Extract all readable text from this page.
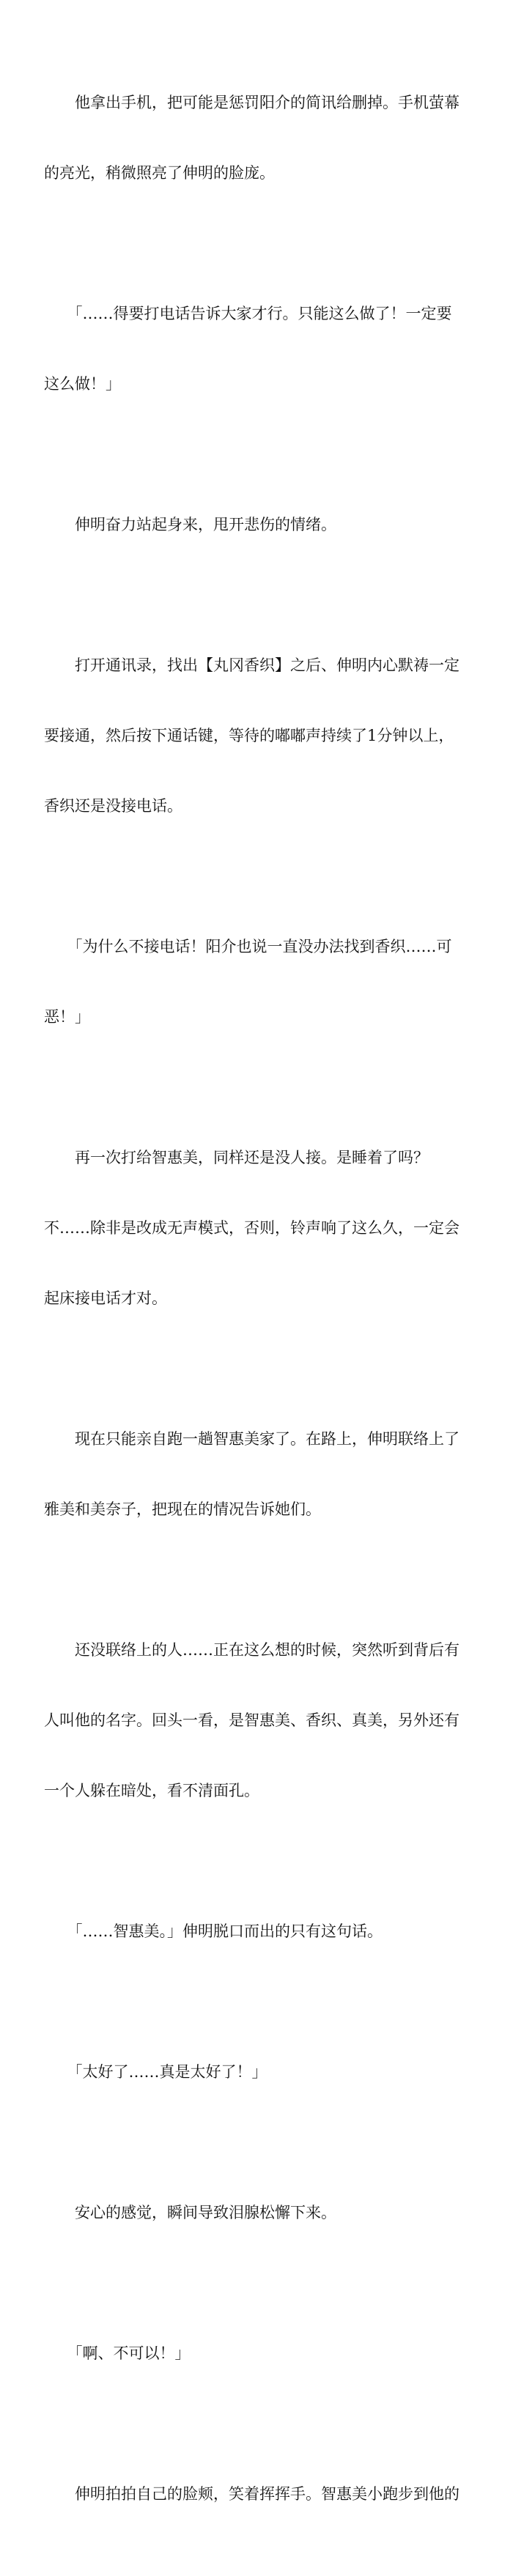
　　他拿出手机，把可能是惩罚阳介的简讯给删掉。手机萤幕

的亮光，稍微照亮了伸明的脸庞。

　　「……得要打电话告诉大家才行。只能这么做了！一定要

这么做！」

　　伸明奋力站起身来，甩开悲伤的情绪。

　　打开通讯录，找出【丸冈香织】之后、伸明内心默祷一定

要接通，然后按下通话键，等待的嘟嘟声持续了1分钟以上，

香织还是没接电话。

　　「为什么不接电话！阳介也说一直没办法找到香织……可

恶！」

　　再一次打给智惠美，同样还是没人接。是睡着了吗？

不……除非是改成无声模式，否则，铃声响了这么久，一定会

起床接电话才对。

　　现在只能亲自跑一趟智惠美家了。在路上，伸明联络上了

雅美和美奈子，把现在的情况告诉她们。

　　还没联络上的人……正在这么想的时候，突然听到背后有

人叫他的名字。回头一看，是智惠美、香织、真美，另外还有

一个人躲在暗处，看不清面孔。

　　「……智惠美。」伸明脱口而出的只有这句话。

　　「太好了……真是太好了！」

　　安心的感觉，瞬间导致泪腺松懈下来。

　　「啊、不可以！」

　　伸明拍拍自己的脸颊，笑着挥挥手。智惠美小跑步到他的
